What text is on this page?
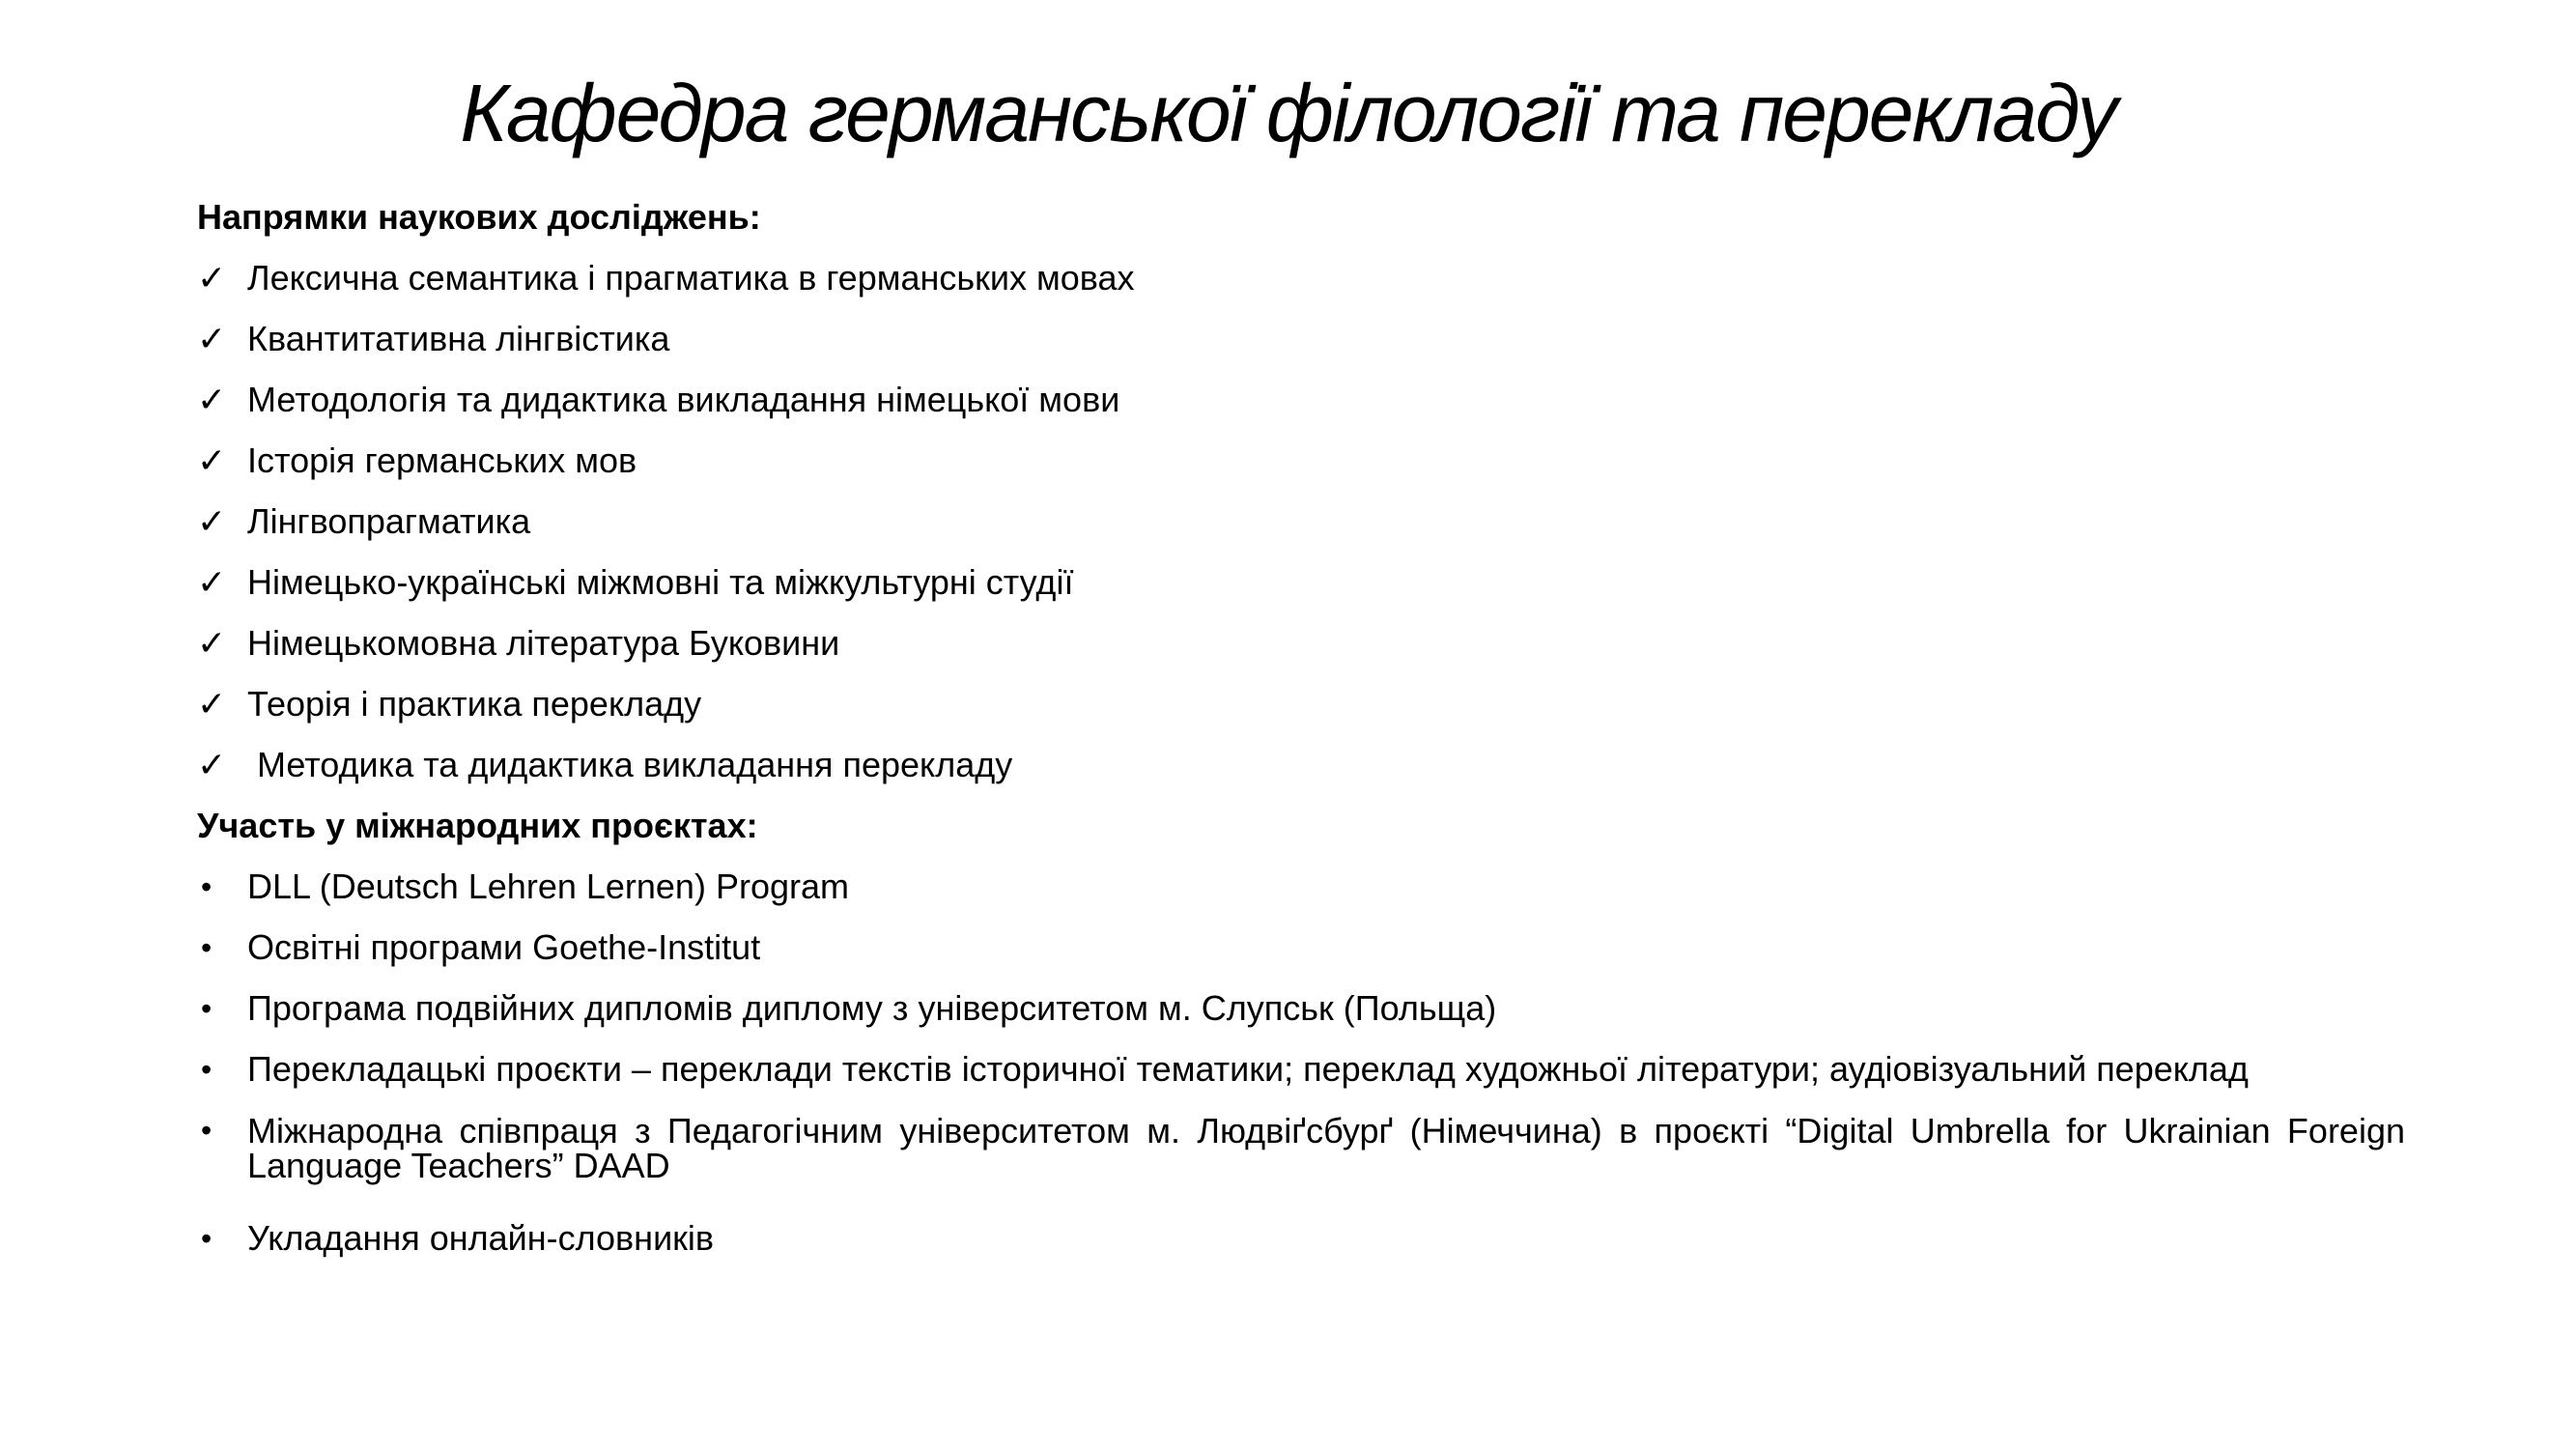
Кафедра германської філології та перекладу
Напрямки наукових досліджень:
✓ Лексична семантика і прагматика в германських мовах
✓ Квантитативна лінгвістика
✓ Методологія та дидактика викладання німецької мови
✓ Історія германських мов
✓ Лінгвопрагматика
✓ Німецько-українські міжмовні та міжкультурні студії
✓ Німецькомовна література Буковини
✓ Теорія і практика перекладу
✓ Методика та дидактика викладання перекладу
Участь у міжнародних проєктах:
•	DLL (Deutsch Lehren Lernen) Program
•	Освітні програми Goethe-Institut
•	Програма подвійних дипломів диплому з університетом м. Слупськ (Польща)
•	Перекладацькі проєкти – переклади текстів історичної тематики; переклад художньої літератури; аудіовізуальний переклад
•	Міжнародна співпраця з Педагогічним університетом м. Людвіґсбурґ (Німеччина) в проєкті “Digital Umbrella for Ukrainian Foreign Language Teachers” DAAD
•	Укладання онлайн-словників
